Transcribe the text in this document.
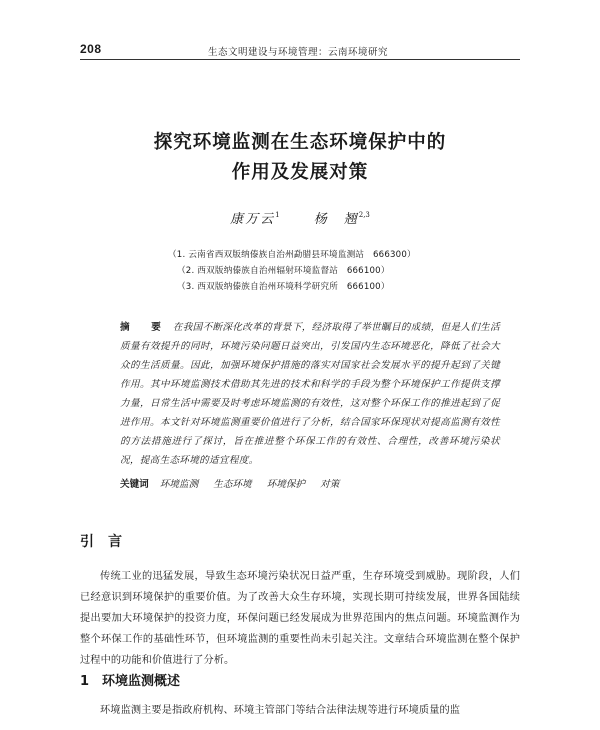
208	生态文明建设与环境管理：云南环境研究
探究环境监测在生态环境保护中的
作用及发展对策
康万云$^1$	杨　翘$^{2,3}$
（1. 云南省西双版纳傣族自治州勐腊县环境监测站　666300）
（2. 西双版纳傣族自治州辐射环境监督站　666100）
（3. 西双版纳傣族自治州环境科学研究所　666100）
摘　要 在我国不断深化改革的背景下，经济取得了举世瞩目的成绩，但是人们生活质量有效提升的同时，环境污染问题日益突出，引发国内生态环境恶化，降低了社会大众的生活质量。因此，加强环境保护措施的落实对国家社会发展水平的提升起到了关键作用。其中环境监测技术借助其先进的技术和科学的手段为整个环境保护工作提供支撑力量，日常生活中需要及时考虑环境监测的有效性，这对整个环保工作的推进起到了促进作用。本文针对环境监测重要价值进行了分析，结合国家环保现状对提高监测有效性的方法措施进行了探讨，旨在推进整个环保工作的有效性、合理性，改善环境污染状况，提高生态环境的适宜程度。
关键词 环境监测 生态环境 环境保护 对策
引言

传统工业的迅猛发展，导致生态环境污染状况日益严重，生存环境受到威胁。现阶段，人们已经意识到环境保护的重要价值。为了改善大众生存环境，实现长期可持续发展，世界各国陆续提出要加大环境保护的投资力度，环保问题已经发展成为世界范围内的焦点问题。环境监测作为整个环保工作的基础性环节，但环境监测的重要性尚未引起关注。文章结合环境监测在整个保护过程中的功能和价值进行了分析。

1 环境监测概述

环境监测主要是指政府机构、环境主管部门等结合法律法规等进行环境质量的监
